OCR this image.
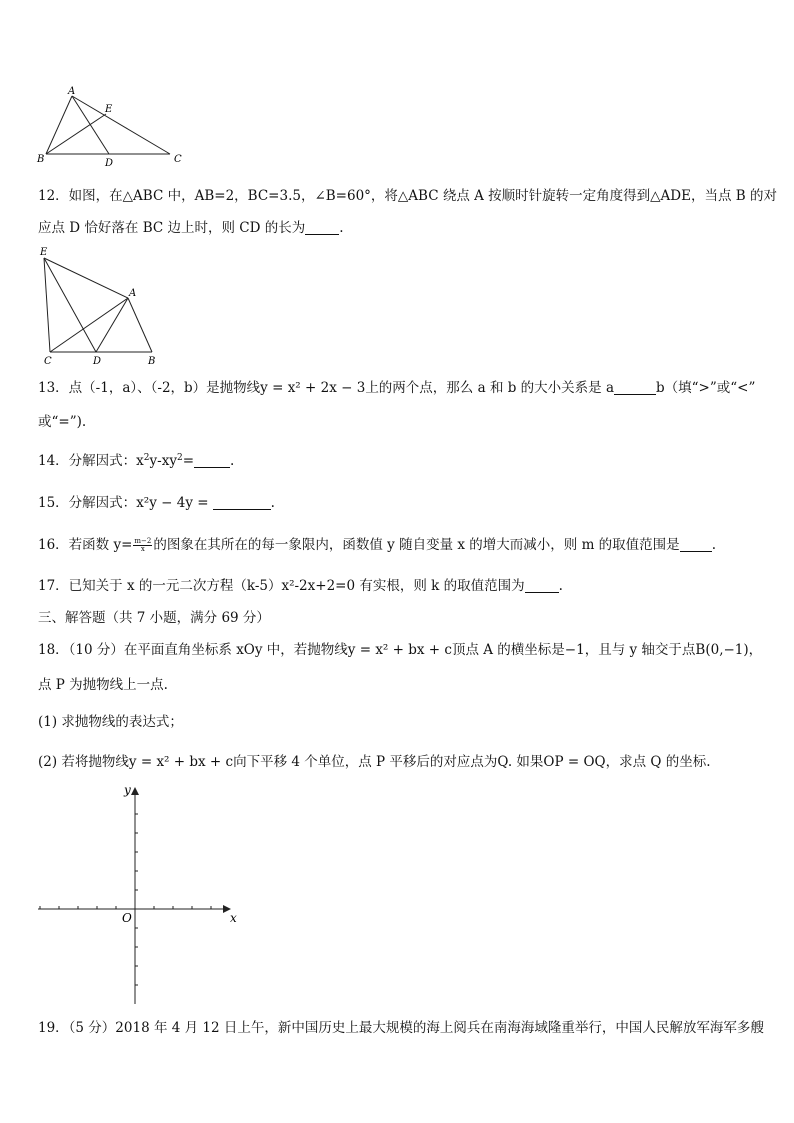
A
E
B	D	C
12．如图，在△ABC 中，AB=2，BC=3.5，∠B=60°，将△ABC 绕点 A 按顺时针旋转一定角度得到△ADE，当点 B 的对
应点 D 恰好落在 BC 边上时，则 CD 的长为	.
E
A
C	D	B
13．点（-1，a）、（-2，b）是抛物线y = x² + 2x − 3上的两个点，那么 a 和 b 的大小关系是 a	b（填“>”或“<”
或“=”).
14．分解因式：$x^2y-xy^2=$	.
15．分解因式：x²y − 4y =	.
16．若函数 $y= \frac{m-2}{x}$ 的图象在其所在的每一象限内，函数值 y 随自变量 x 的增大而减小，则 m 的取值范围是 .
17．已知关于 x 的一元二次方程（k-5）x²-2x+2=0 有实根，则 k 的取值范围为	.
三、解答题（共 7 小题，满分 69 分）
18．（10 分）在平面直角坐标系 xOy 中，若抛物线y = x² + bx + c顶点 A 的横坐标是−1，且与 y 轴交于点B(0,−1)，
点 P 为抛物线上一点.
(1) 求抛物线的表达式；
(2) 若将抛物线y = x² + bx + c向下平移 4 个单位，点 P 平移后的对应点为Q. 如果OP = OQ，求点 Q 的坐标.
y
x
O
19．（5 分）2018 年 4 月 12 日上午，新中国历史上最大规模的海上阅兵在南海海域隆重举行，中国人民解放军海军多艘
